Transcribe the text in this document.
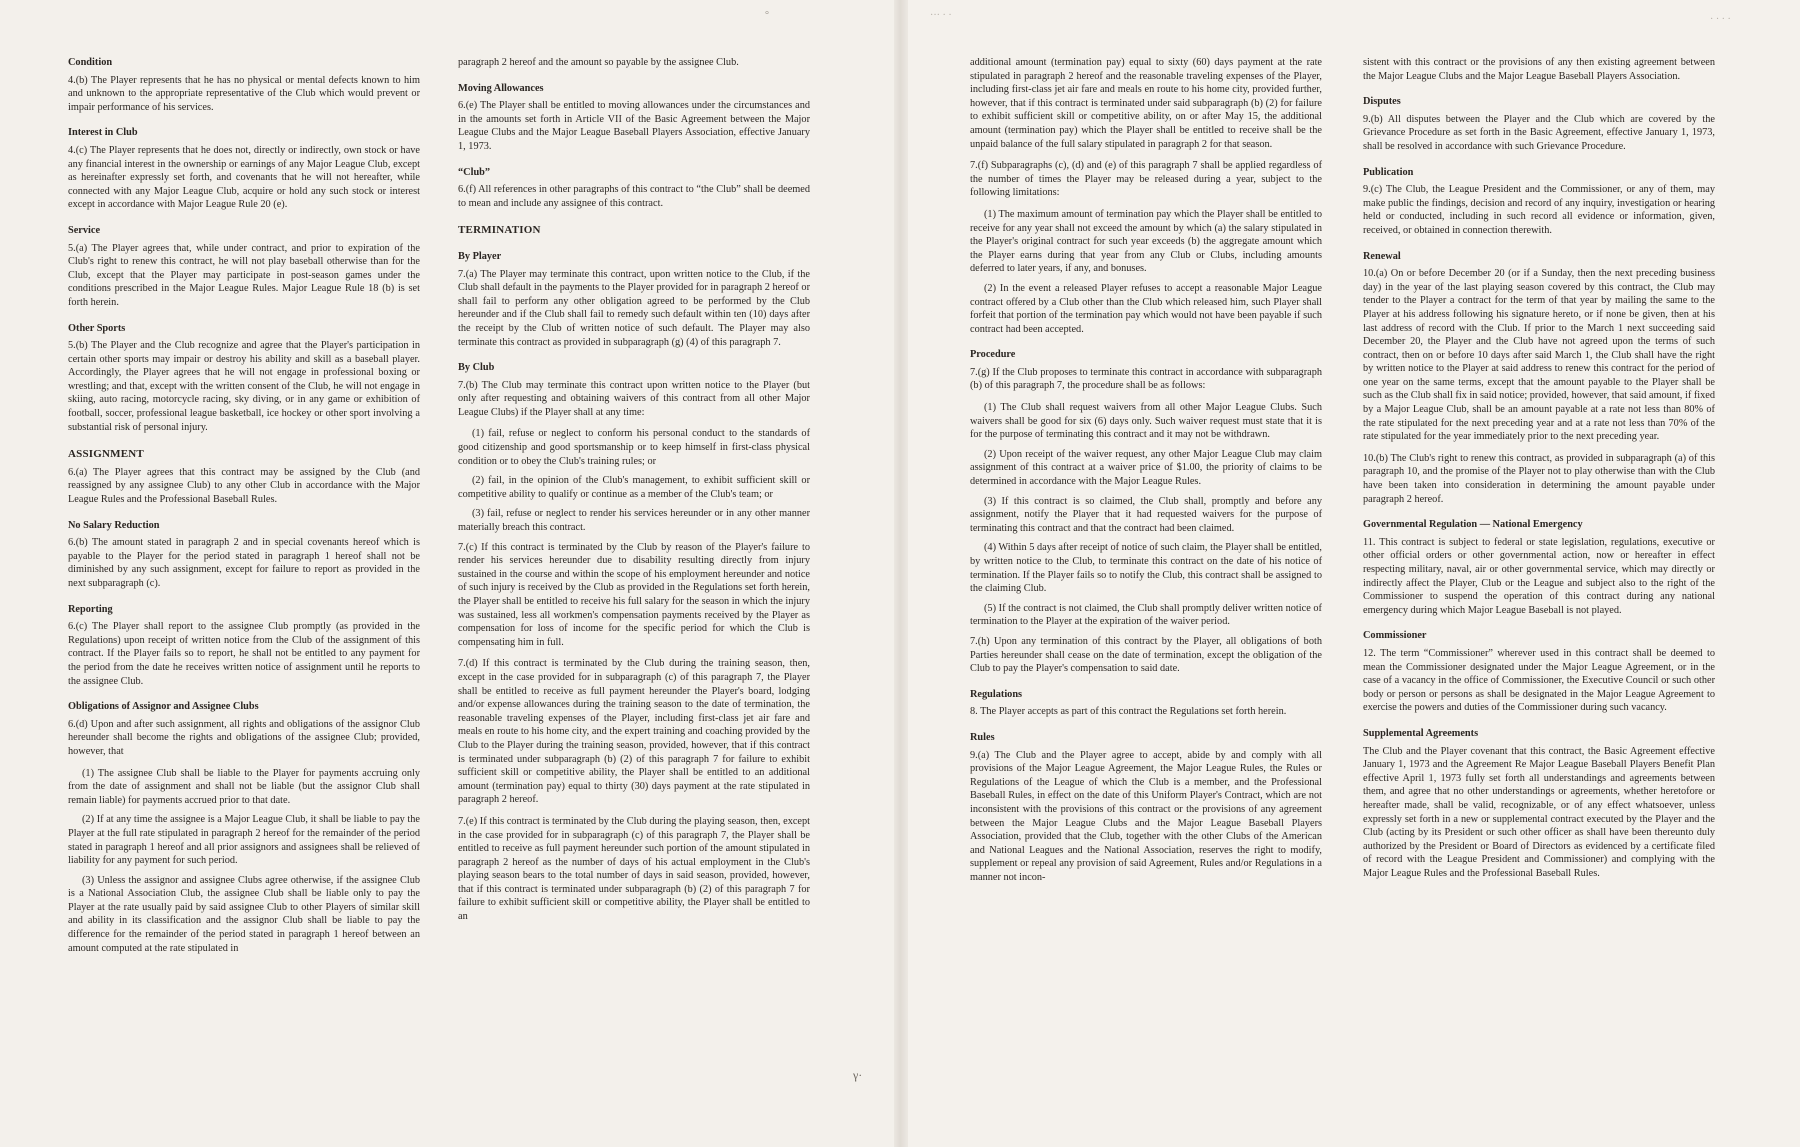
°	··· · ·	· · · ·
γ·
Condition

4.(b) The Player represents that he has no physical or mental defects known to him and unknown to the appropriate representative of the Club which would prevent or impair performance of his services.

Interest in Club

4.(c) The Player represents that he does not, directly or indirectly, own stock or have any financial interest in the ownership or earnings of any Major League Club, except as hereinafter expressly set forth, and covenants that he will not hereafter, while connected with any Major League Club, acquire or hold any such stock or interest except in accordance with Major League Rule 20 (e).

Service

5.(a) The Player agrees that, while under contract, and prior to expiration of the Club's right to renew this contract, he will not play baseball otherwise than for the Club, except that the Player may participate in post-season games under the conditions prescribed in the Major League Rules. Major League Rule 18 (b) is set forth herein.

Other Sports

5.(b) The Player and the Club recognize and agree that the Player's participation in certain other sports may impair or destroy his ability and skill as a baseball player. Accordingly, the Player agrees that he will not engage in professional boxing or wrestling; and that, except with the written consent of the Club, he will not engage in skiing, auto racing, motorcycle racing, sky diving, or in any game or exhibition of football, soccer, professional league basketball, ice hockey or other sport involving a substantial risk of personal injury.

ASSIGNMENT

6.(a) The Player agrees that this contract may be assigned by the Club (and reassigned by any assignee Club) to any other Club in accordance with the Major League Rules and the Professional Baseball Rules.

No Salary Reduction

6.(b) The amount stated in paragraph 2 and in special covenants hereof which is payable to the Player for the period stated in paragraph 1 hereof shall not be diminished by any such assignment, except for failure to report as provided in the next subparagraph (c).

Reporting

6.(c) The Player shall report to the assignee Club promptly (as provided in the Regulations) upon receipt of written notice from the Club of the assignment of this contract. If the Player fails so to report, he shall not be entitled to any payment for the period from the date he receives written notice of assignment until he reports to the assignee Club.

Obligations of Assignor and Assignee Clubs

6.(d) Upon and after such assignment, all rights and obligations of the assignor Club hereunder shall become the rights and obligations of the assignee Club; provided, however, that

(1) The assignee Club shall be liable to the Player for payments accruing only from the date of assignment and shall not be liable (but the assignor Club shall remain liable) for payments accrued prior to that date.

(2) If at any time the assignee is a Major League Club, it shall be liable to pay the Player at the full rate stipulated in paragraph 2 hereof for the remainder of the period stated in paragraph 1 hereof and all prior assignors and assignees shall be relieved of liability for any payment for such period.

(3) Unless the assignor and assignee Clubs agree otherwise, if the assignee Club is a National Association Club, the assignee Club shall be liable only to pay the Player at the rate usually paid by said assignee Club to other Players of similar skill and ability in its classification and the assignor Club shall be liable to pay the difference for the remainder of the period stated in paragraph 1 hereof between an amount computed at the rate stipulated in

paragraph 2 hereof and the amount so payable by the assignee Club.

Moving Allowances

6.(e) The Player shall be entitled to moving allowances under the circumstances and in the amounts set forth in Article VII of the Basic Agreement between the Major League Clubs and the Major League Baseball Players Association, effective January 1, 1973.

“Club”

6.(f) All references in other paragraphs of this contract to “the Club” shall be deemed to mean and include any assignee of this contract.

TERMINATION
By Player

7.(a) The Player may terminate this contract, upon written notice to the Club, if the Club shall default in the payments to the Player provided for in paragraph 2 hereof or shall fail to perform any other obligation agreed to be performed by the Club hereunder and if the Club shall fail to remedy such default within ten (10) days after the receipt by the Club of written notice of such default. The Player may also terminate this contract as provided in subparagraph (g) (4) of this paragraph 7.

By Club

7.(b) The Club may terminate this contract upon written notice to the Player (but only after requesting and obtaining waivers of this contract from all other Major League Clubs) if the Player shall at any time:

(1) fail, refuse or neglect to conform his personal conduct to the standards of good citizenship and good sportsmanship or to keep himself in first-class physical condition or to obey the Club's training rules; or

(2) fail, in the opinion of the Club's management, to exhibit sufficient skill or competitive ability to qualify or continue as a member of the Club's team; or

(3) fail, refuse or neglect to render his services hereunder or in any other manner materially breach this contract.

7.(c) If this contract is terminated by the Club by reason of the Player's failure to render his services hereunder due to disability resulting directly from injury sustained in the course and within the scope of his employment hereunder and notice of such injury is received by the Club as provided in the Regulations set forth herein, the Player shall be entitled to receive his full salary for the season in which the injury was sustained, less all workmen's compensation payments received by the Player as compensation for loss of income for the specific period for which the Club is compensating him in full.

7.(d) If this contract is terminated by the Club during the training season, then, except in the case provided for in subparagraph (c) of this paragraph 7, the Player shall be entitled to receive as full payment hereunder the Player's board, lodging and/or expense allowances during the training season to the date of termination, the reasonable traveling expenses of the Player, including first-class jet air fare and meals en route to his home city, and the expert training and coaching provided by the Club to the Player during the training season, provided, however, that if this contract is terminated under subparagraph (b) (2) of this paragraph 7 for failure to exhibit sufficient skill or competitive ability, the Player shall be entitled to an additional amount (termination pay) equal to thirty (30) days payment at the rate stipulated in paragraph 2 hereof.

7.(e) If this contract is terminated by the Club during the playing season, then, except in the case provided for in subparagraph (c) of this paragraph 7, the Player shall be entitled to receive as full payment hereunder such portion of the amount stipulated in paragraph 2 hereof as the number of days of his actual employment in the Club's playing season bears to the total number of days in said season, provided, however, that if this contract is terminated under subparagraph (b) (2) of this paragraph 7 for failure to exhibit sufficient skill or competitive ability, the Player shall be entitled to an

additional amount (termination pay) equal to sixty (60) days payment at the rate stipulated in paragraph 2 hereof and the reasonable traveling expenses of the Player, including first-class jet air fare and meals en route to his home city, provided further, however, that if this contract is terminated under said subparagraph (b) (2) for failure to exhibit sufficient skill or competitive ability, on or after May 15, the additional amount (termination pay) which the Player shall be entitled to receive shall be the unpaid balance of the full salary stipulated in paragraph 2 for that season.

7.(f) Subparagraphs (c), (d) and (e) of this paragraph 7 shall be applied regardless of the number of times the Player may be released during a year, subject to the following limitations:

(1) The maximum amount of termination pay which the Player shall be entitled to receive for any year shall not exceed the amount by which (a) the salary stipulated in the Player's original contract for such year exceeds (b) the aggregate amount which the Player earns during that year from any Club or Clubs, including amounts deferred to later years, if any, and bonuses.

(2) In the event a released Player refuses to accept a reasonable Major League contract offered by a Club other than the Club which released him, such Player shall forfeit that portion of the termination pay which would not have been payable if such contract had been accepted.

Procedure

7.(g) If the Club proposes to terminate this contract in accordance with subparagraph (b) of this paragraph 7, the procedure shall be as follows:

(1) The Club shall request waivers from all other Major League Clubs. Such waivers shall be good for six (6) days only. Such waiver request must state that it is for the purpose of terminating this contract and it may not be withdrawn.

(2) Upon receipt of the waiver request, any other Major League Club may claim assignment of this contract at a waiver price of $1.00, the priority of claims to be determined in accordance with the Major League Rules.

(3) If this contract is so claimed, the Club shall, promptly and before any assignment, notify the Player that it had requested waivers for the purpose of terminating this contract and that the contract had been claimed.

(4) Within 5 days after receipt of notice of such claim, the Player shall be entitled, by written notice to the Club, to terminate this contract on the date of his notice of termination. If the Player fails so to notify the Club, this contract shall be assigned to the claiming Club.

(5) If the contract is not claimed, the Club shall promptly deliver written notice of termination to the Player at the expiration of the waiver period.

7.(h) Upon any termination of this contract by the Player, all obligations of both Parties hereunder shall cease on the date of termination, except the obligation of the Club to pay the Player's compensation to said date.

Regulations

8. The Player accepts as part of this contract the Regulations set forth herein.

Rules

9.(a) The Club and the Player agree to accept, abide by and comply with all provisions of the Major League Agreement, the Major League Rules, the Rules or Regulations of the League of which the Club is a member, and the Professional Baseball Rules, in effect on the date of this Uniform Player's Contract, which are not inconsistent with the provisions of this contract or the provisions of any agreement between the Major League Clubs and the Major League Baseball Players Association, provided that the Club, together with the other Clubs of the American and National Leagues and the National Association, reserves the right to modify, supplement or repeal any provision of said Agreement, Rules and/or Regulations in a manner not incon-

sistent with this contract or the provisions of any then existing agreement between the Major League Clubs and the Major League Baseball Players Association.

Disputes

9.(b) All disputes between the Player and the Club which are covered by the Grievance Procedure as set forth in the Basic Agreement, effective January 1, 1973, shall be resolved in accordance with such Grievance Procedure.

Publication

9.(c) The Club, the League President and the Commissioner, or any of them, may make public the findings, decision and record of any inquiry, investigation or hearing held or conducted, including in such record all evidence or information, given, received, or obtained in connection therewith.

Renewal

10.(a) On or before December 20 (or if a Sunday, then the next preceding business day) in the year of the last playing season covered by this contract, the Club may tender to the Player a contract for the term of that year by mailing the same to the Player at his address following his signature hereto, or if none be given, then at his last address of record with the Club. If prior to the March 1 next succeeding said December 20, the Player and the Club have not agreed upon the terms of such contract, then on or before 10 days after said March 1, the Club shall have the right by written notice to the Player at said address to renew this contract for the period of one year on the same terms, except that the amount payable to the Player shall be such as the Club shall fix in said notice; provided, however, that said amount, if fixed by a Major League Club, shall be an amount payable at a rate not less than 80% of the rate stipulated for the next preceding year and at a rate not less than 70% of the rate stipulated for the year immediately prior to the next preceding year.

10.(b) The Club's right to renew this contract, as provided in subparagraph (a) of this paragraph 10, and the promise of the Player not to play otherwise than with the Club have been taken into consideration in determining the amount payable under paragraph 2 hereof.

Governmental Regulation — National Emergency

11. This contract is subject to federal or state legislation, regulations, executive or other official orders or other governmental action, now or hereafter in effect respecting military, naval, air or other governmental service, which may directly or indirectly affect the Player, Club or the League and subject also to the right of the Commissioner to suspend the operation of this contract during any national emergency during which Major League Baseball is not played.

Commissioner

12. The term “Commissioner” wherever used in this contract shall be deemed to mean the Commissioner designated under the Major League Agreement, or in the case of a vacancy in the office of Commissioner, the Executive Council or such other body or person or persons as shall be designated in the Major League Agreement to exercise the powers and duties of the Commissioner during such vacancy.

Supplemental Agreements

The Club and the Player covenant that this contract, the Basic Agreement effective January 1, 1973 and the Agreement Re Major League Baseball Players Benefit Plan effective April 1, 1973 fully set forth all understandings and agreements between them, and agree that no other understandings or agreements, whether heretofore or hereafter made, shall be valid, recognizable, or of any effect whatsoever, unless expressly set forth in a new or supplemental contract executed by the Player and the Club (acting by its President or such other officer as shall have been thereunto duly authorized by the President or Board of Directors as evidenced by a certificate filed of record with the League President and Commissioner) and complying with the Major League Rules and the Professional Baseball Rules.
